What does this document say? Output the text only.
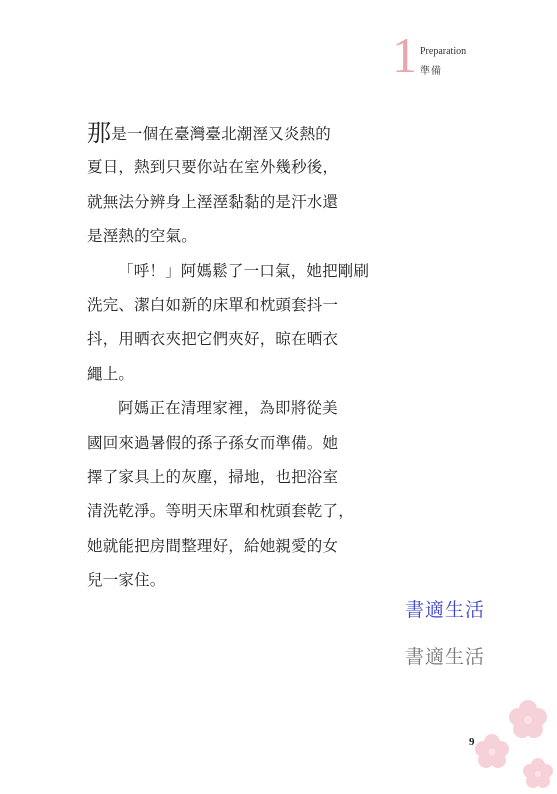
1 Preparation
準備
那是一個在臺灣臺北潮溼又炎熱的
夏日，熱到只要你站在室外幾秒後，
就無法分辨身上溼溼黏黏的是汗水還
是溼熱的空氣。
「呼！」阿媽鬆了一口氣，她把剛刷
洗完、潔白如新的床單和枕頭套抖一
抖，用晒衣夾把它們夾好，晾在晒衣
繩上。
阿媽正在清理家裡，為即將從美
國回來過暑假的孫子孫女而準備。她
擇了家具上的灰塵，掃地，也把浴室
清洗乾淨。等明天床單和枕頭套乾了，
她就能把房間整理好，給她親愛的女
兒一家住。
書適生活
書適生活
9
